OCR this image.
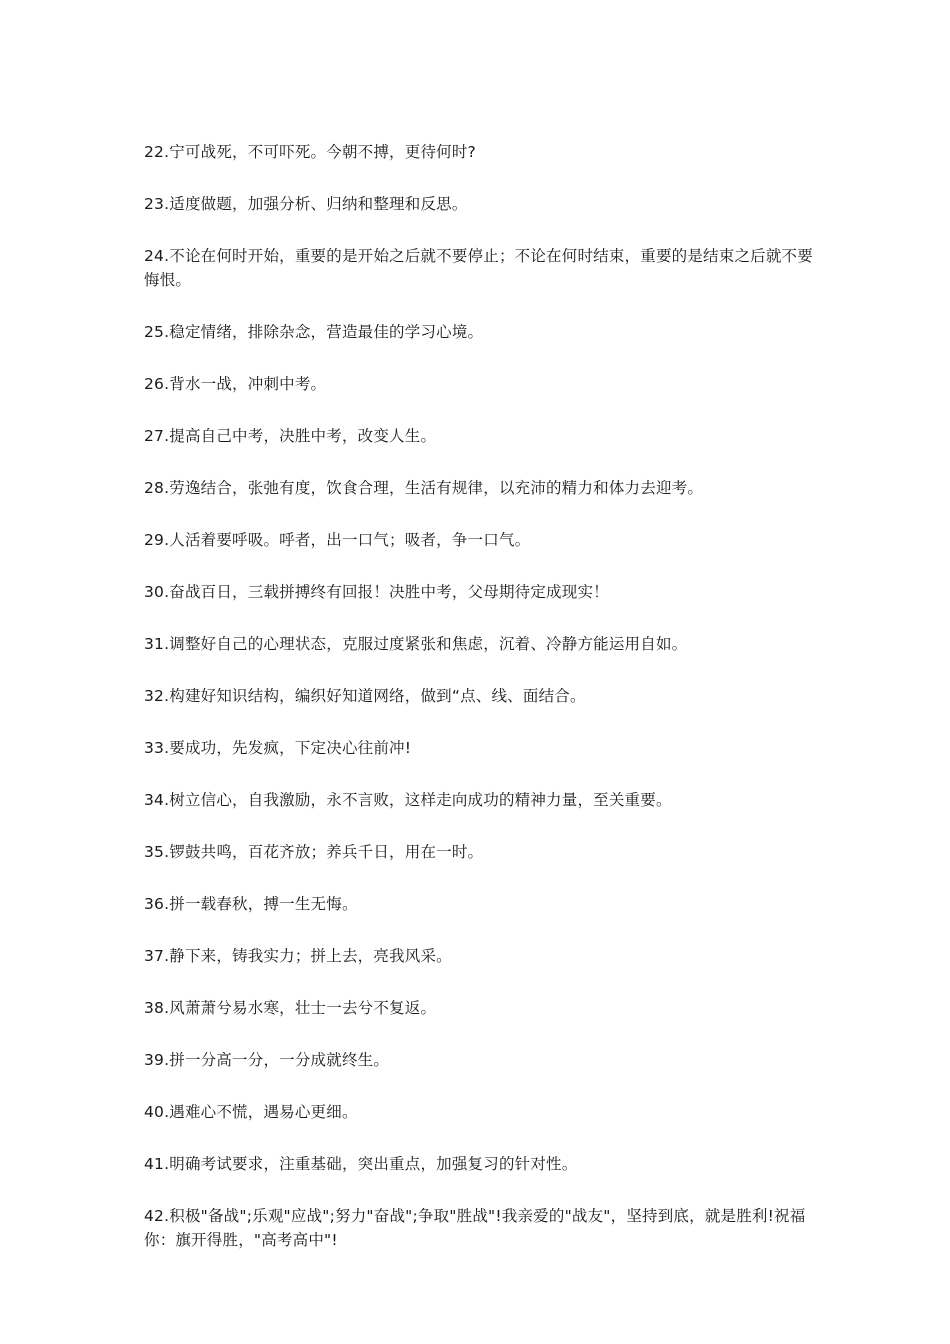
22.宁可战死，不可吓死。今朝不搏，更待何时?

23.适度做题，加强分析、归纳和整理和反思。

24.不论在何时开始，重要的是开始之后就不要停止；不论在何时结束，重要的是结束之后就不要悔恨。

25.稳定情绪，排除杂念，营造最佳的学习心境。

26.背水一战，冲刺中考。

27.提高自己中考，决胜中考，改变人生。

28.劳逸结合，张弛有度，饮食合理，生活有规律，以充沛的精力和体力去迎考。

29.人活着要呼吸。呼者，出一口气；吸者，争一口气。

30.奋战百日，三载拼搏终有回报！决胜中考，父母期待定成现实！

31.调整好自己的心理状态，克服过度紧张和焦虑，沉着、冷静方能运用自如。

32.构建好知识结构，编织好知道网络，做到“点、线、面结合。

33.要成功，先发疯，下定决心往前冲!

34.树立信心，自我激励，永不言败，这样走向成功的精神力量，至关重要。

35.锣鼓共鸣，百花齐放；养兵千日，用在一时。

36.拼一载春秋，搏一生无悔。

37.静下来，铸我实力；拼上去，亮我风采。

38.风萧萧兮易水寒，壮士一去兮不复返。

39.拼一分高一分，一分成就终生。

40.遇难心不慌，遇易心更细。

41.明确考试要求，注重基础，突出重点，加强复习的针对性。

42.积极"备战";乐观"应战";努力"奋战";争取"胜战"!我亲爱的"战友"，坚持到底，就是胜利!祝福你：旗开得胜，"高考高中"!
